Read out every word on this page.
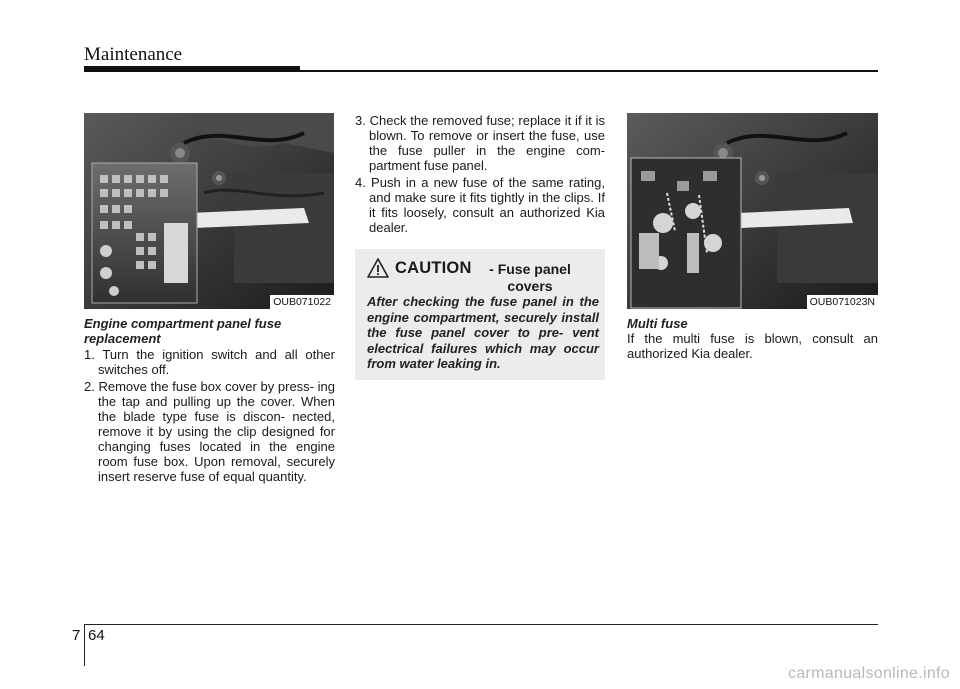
Maintenance
OUB071022
Engine compartment panel fuse replacement
1. Turn the ignition switch and all other switches off.
2. Remove the fuse box cover by press- ing the tap and pulling up the cover. When the blade type fuse is discon- nected, remove it by using the clip designed for changing fuses located in the engine room fuse box. Upon removal, securely insert reserve fuse of equal quantity.
3. Check the removed fuse; replace it if it is blown. To remove or insert the fuse, use the fuse puller in the engine com- partment fuse panel.
4. Push in a new fuse of the same rating, and make sure it fits tightly in the clips. If it fits loosely, consult an authorized Kia dealer.
CAUTION	- Fuse panel covers
After checking the fuse panel in the engine compartment, securely install the fuse panel cover to pre- vent electrical failures which may occur from water leaking in.
OUB071023N
Multi fuse
If the multi fuse is blown, consult an authorized Kia dealer.
7 64
carmanualsonline.info
